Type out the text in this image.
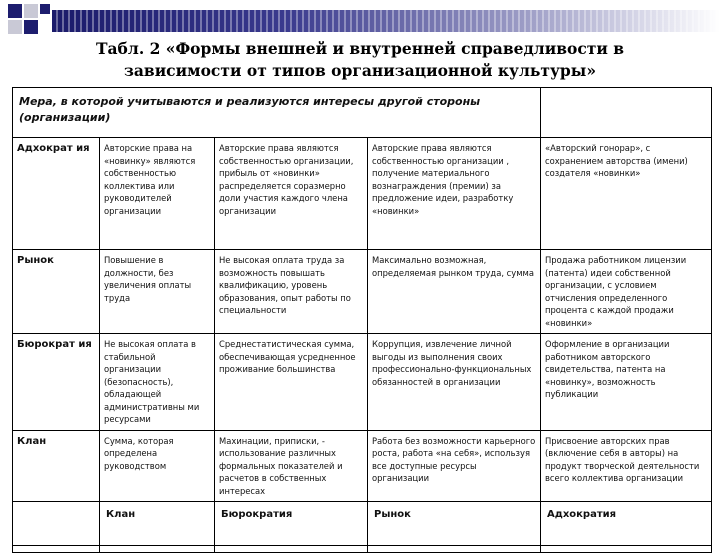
Табл. 2 «Формы внешней и внутренней справедливости в
зависимости от типов организационной культуры»
Мера, в которой учитываются и реализуются интересы другой стороны (организации)				
Адхократ ия	Авторские права на «новинку» являются собственностью коллектива или руководителей организации	Авторские права являются собственностью организации, прибыль от «новинки» распределяется соразмерно доли участия каждого члена организации	Авторские права являются собственностью организации , получение материального вознаграждения (премии) за предложение идеи, разработку «новинки»	«Авторский гонорар», с сохранением авторства (имени) создателя «новинки»
Рынок	Повышение в должности, без увеличения оплаты труда	Не высокая оплата труда за возможность повышать квалификацию, уровень образования, опыт работы по специальности	Максимально возможная, определяемая рынком труда, сумма	Продажа работником лицензии (патента) идеи собственной организации, с условием отчисления определенного процента с каждой продажи «новинки»
Бюрократ ия	Не высокая оплата в стабильной организации (безопасность), обладающей административны ми ресурсами	Среднестатистическая сумма, обеспечивающая усредненное проживание большинства	Коррупция, извлечение личной выгоды из выполнения своих профессионально-функциональных обязанностей в организации	Оформление в организации работником авторского свидетельства, патента на «новинку», возможность публикации
Клан	Сумма, которая определена руководством	Махинации, приписки, - использование различных формальных показателей и расчетов в собственных интересах	Работа без возможности карьерного роста, работа «на себя», используя все доступные ресурсы организации	Присвоение авторских прав (включение себя в авторы) на продукт творческой деятельности всего коллектива организации
	Клан	Бюрократия	Рынок	Адхократия
